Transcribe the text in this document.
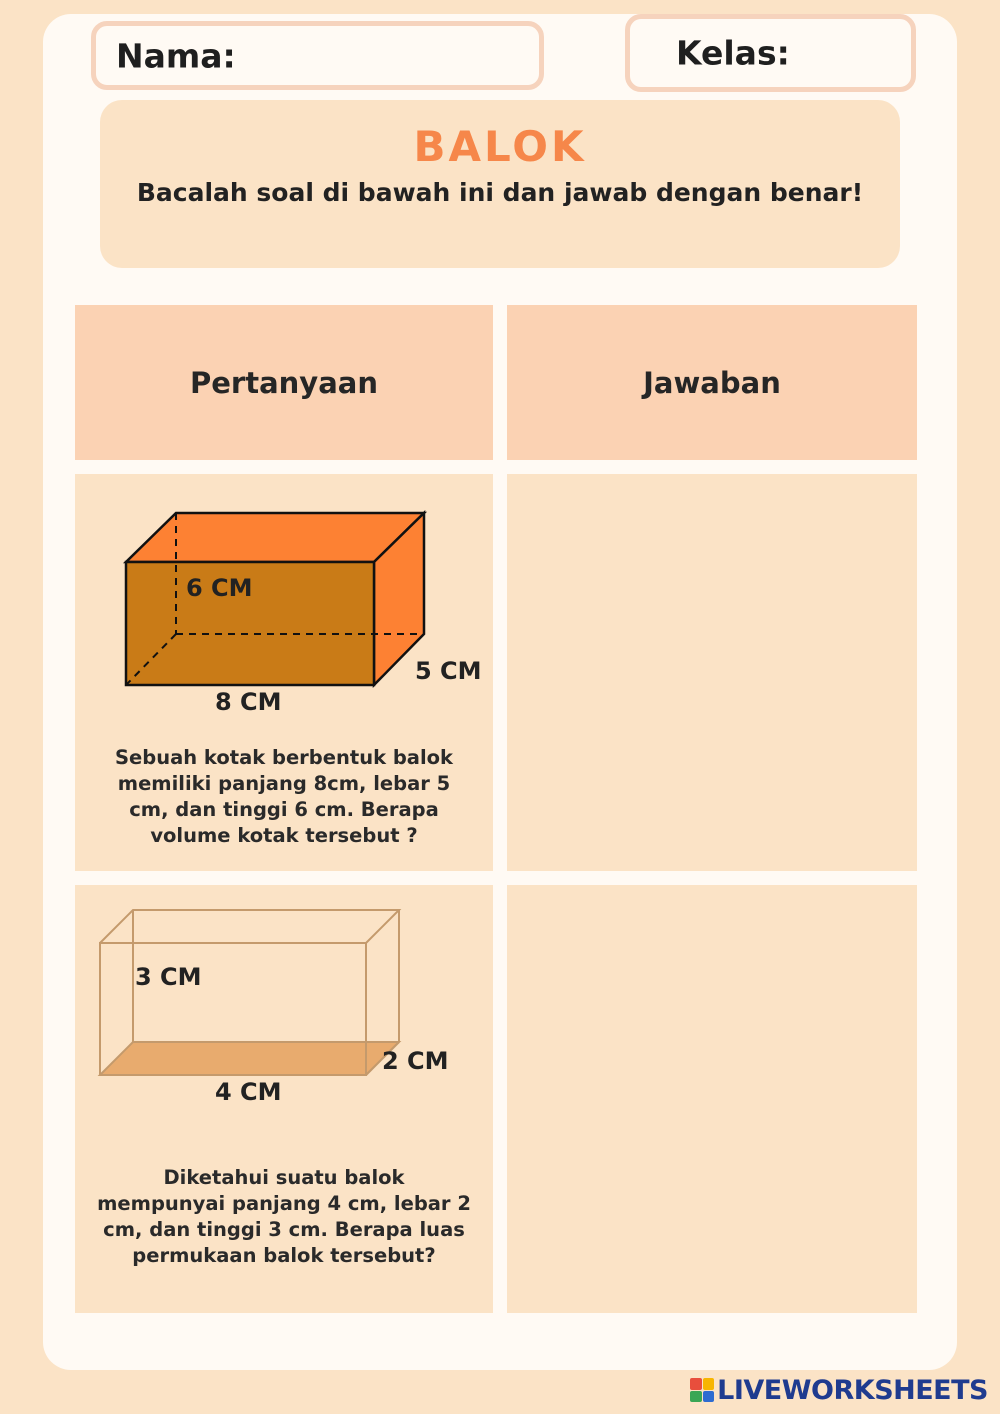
Nama:	Kelas:
BALOK
Bacalah soal di bawah ini dan jawab dengan benar!
Pertanyaan	Jawaban
6 CM
8 CM
5 CM
Sebuah kotak berbentuk balok
memiliki panjang 8cm, lebar 5
cm, dan tinggi 6 cm. Berapa
volume kotak tersebut ?
3 CM
4 CM
2 CM
Diketahui suatu balok
mempunyai panjang 4 cm, lebar 2
cm, dan tinggi 3 cm. Berapa luas
permukaan balok tersebut?
LIVEWORKSHEETS
